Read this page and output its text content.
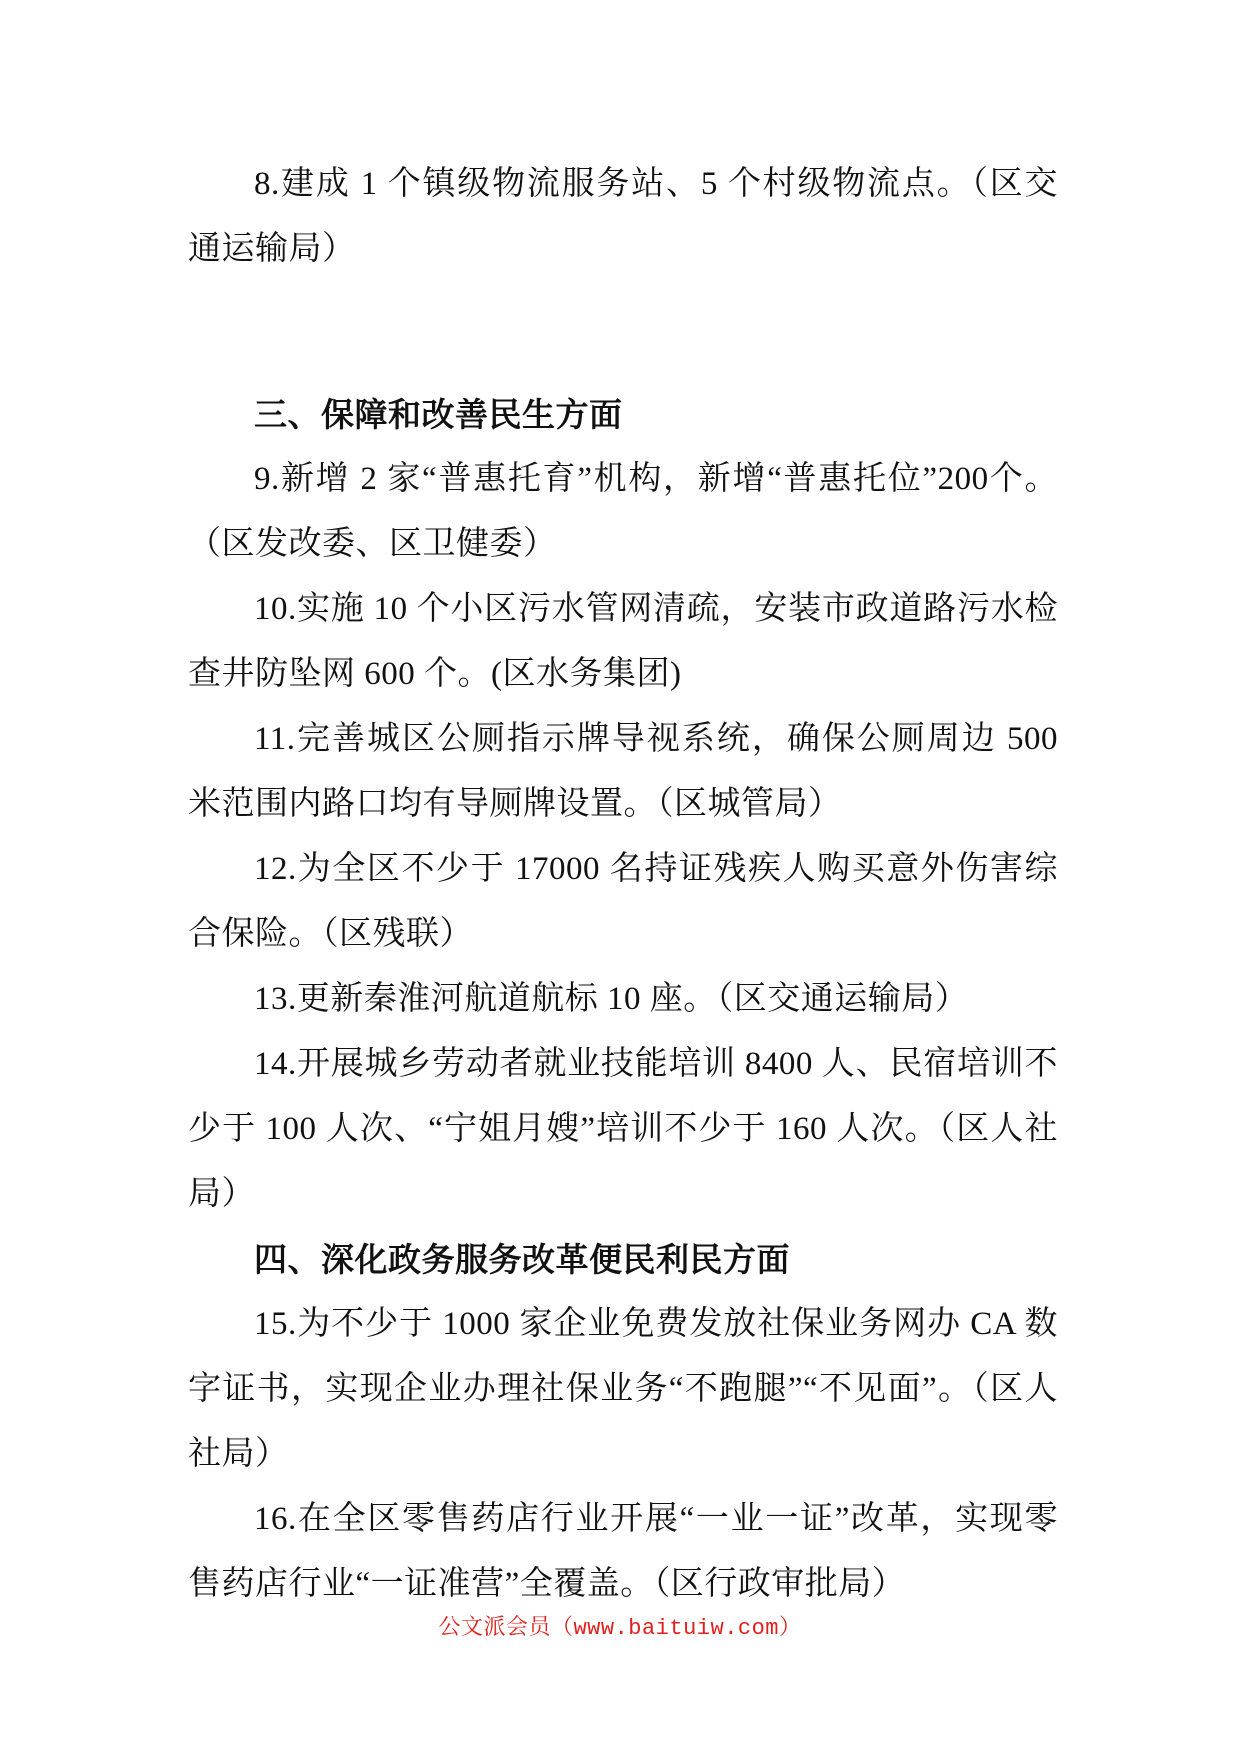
8.建成 1 个镇级物流服务站、5 个村级物流点。（区交通运输局）

三、保障和改善民生方面

9.新增 2 家“普惠托育”机构，新增“普惠托位”200个。（区发改委、区卫健委）

10.实施 10 个小区污水管网清疏，安装市政道路污水检查井防坠网 600 个。(区水务集团)

11.完善城区公厕指示牌导视系统，确保公厕周边 500米范围内路口均有导厕牌设置。（区城管局）

12.为全区不少于 17000 名持证残疾人购买意外伤害综合保险。（区残联）

13.更新秦淮河航道航标 10 座。（区交通运输局）

14.开展城乡劳动者就业技能培训 8400 人、民宿培训不少于 100 人次、“宁姐月嫂”培训不少于 160 人次。（区人社局）

四、深化政务服务改革便民利民方面

15.为不少于 1000 家企业免费发放社保业务网办 CA 数字证书，实现企业办理社保业务“不跑腿”“不见面”。（区人社局）

16.在全区零售药店行业开展“一业一证”改革，实现零售药店行业“一证准营”全覆盖。（区行政审批局）

公文派会员（www.baituiw.com）
